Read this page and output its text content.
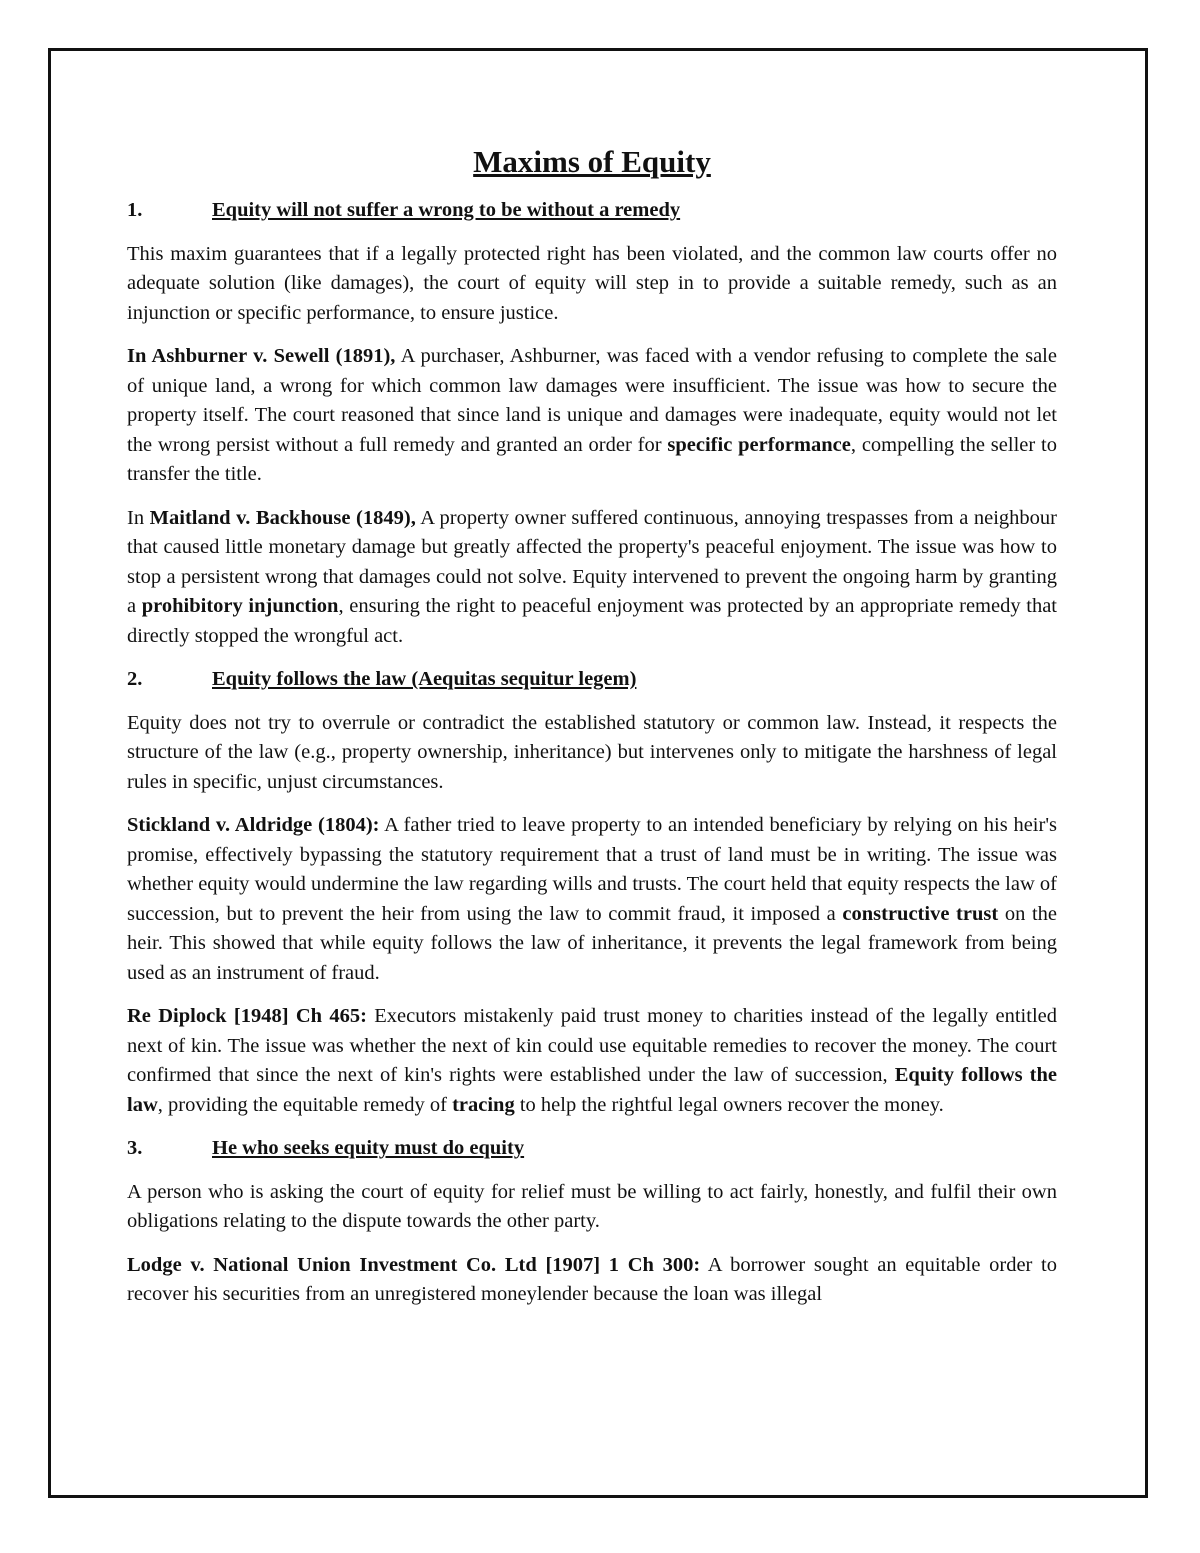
Maxims of Equity
1.	Equity will not suffer a wrong to be without a remedy

This maxim guarantees that if a legally protected right has been violated, and the common law courts offer no adequate solution (like damages), the court of equity will step in to provide a suitable remedy, such as an injunction or specific performance, to ensure justice.

In Ashburner v. Sewell (1891), A purchaser, Ashburner, was faced with a vendor refusing to complete the sale of unique land, a wrong for which common law damages were insufficient. The issue was how to secure the property itself. The court reasoned that since land is unique and damages were inadequate, equity would not let the wrong persist without a full remedy and granted an order for specific performance, compelling the seller to transfer the title.

In Maitland v. Backhouse (1849), A property owner suffered continuous, annoying trespasses from a neighbour that caused little monetary damage but greatly affected the property's peaceful enjoyment. The issue was how to stop a persistent wrong that damages could not solve. Equity intervened to prevent the ongoing harm by granting a prohibitory injunction, ensuring the right to peaceful enjoyment was protected by an appropriate remedy that directly stopped the wrongful act.

2.	Equity follows the law (Aequitas sequitur legem)

Equity does not try to overrule or contradict the established statutory or common law. Instead, it respects the structure of the law (e.g., property ownership, inheritance) but intervenes only to mitigate the harshness of legal rules in specific, unjust circumstances.

Stickland v. Aldridge (1804): A father tried to leave property to an intended beneficiary by relying on his heir's promise, effectively bypassing the statutory requirement that a trust of land must be in writing. The issue was whether equity would undermine the law regarding wills and trusts. The court held that equity respects the law of succession, but to prevent the heir from using the law to commit fraud, it imposed a constructive trust on the heir. This showed that while equity follows the law of inheritance, it prevents the legal framework from being used as an instrument of fraud.

Re Diplock [1948] Ch 465: Executors mistakenly paid trust money to charities instead of the legally entitled next of kin. The issue was whether the next of kin could use equitable remedies to recover the money. The court confirmed that since the next of kin's rights were established under the law of succession, Equity follows the law, providing the equitable remedy of tracing to help the rightful legal owners recover the money.

3.	He who seeks equity must do equity

A person who is asking the court of equity for relief must be willing to act fairly, honestly, and fulfil their own obligations relating to the dispute towards the other party.

Lodge v. National Union Investment Co. Ltd [1907] 1 Ch 300: A borrower sought an equitable order to recover his securities from an unregistered moneylender because the loan was illegal
